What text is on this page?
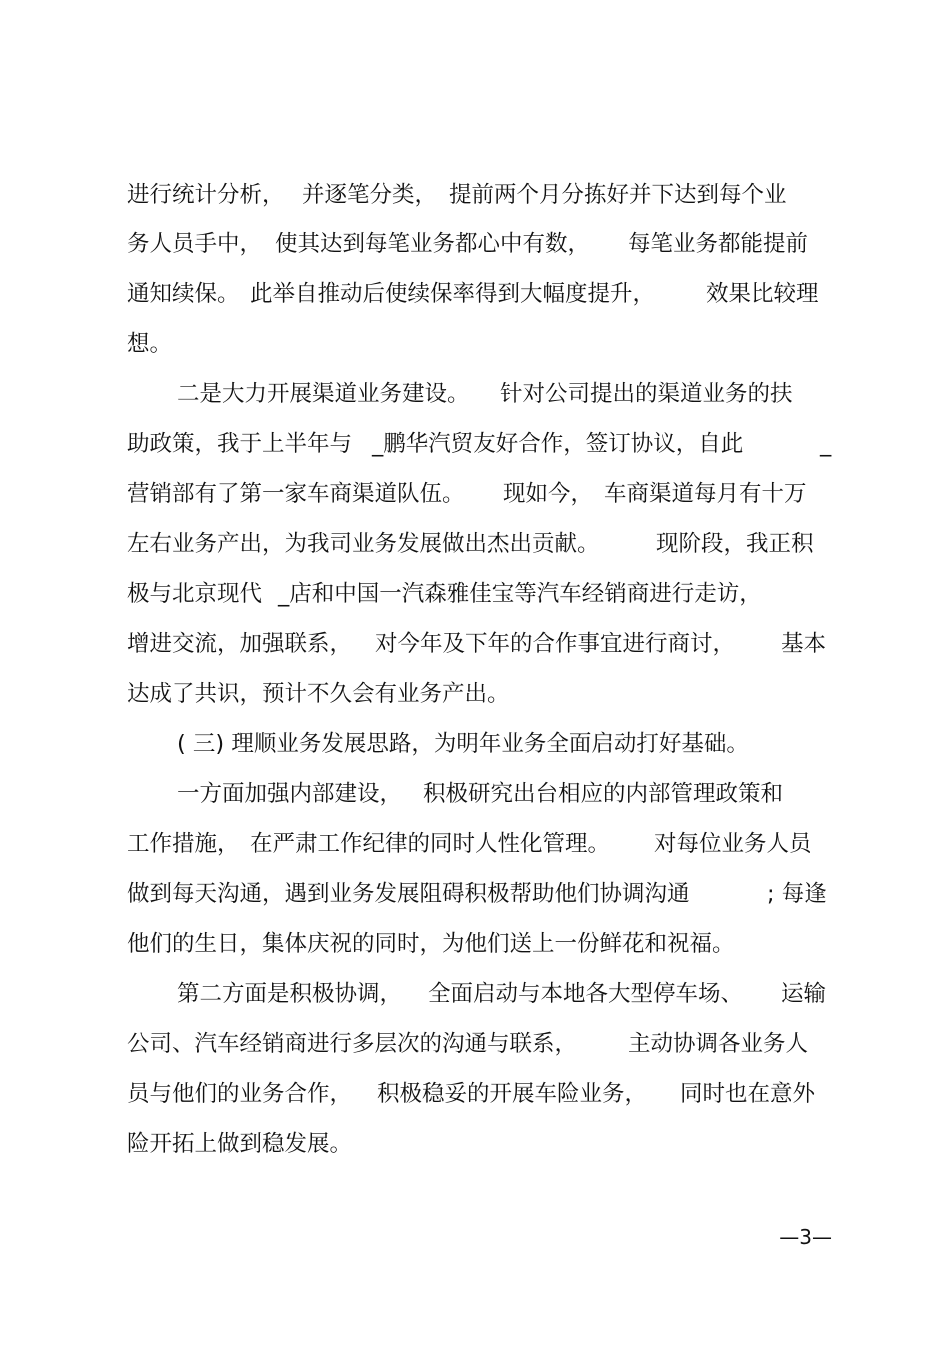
进行统计分析，

并逐笔分类，

提前两个月分拣好并下达到每个业

务人员手中，

使其达到每笔业务都心中有数，

每笔业务都能提前

通知续保。

此举自推动后使续保率得到大幅度提升，

效果比较理

想。

二是大力开展渠道业务建设。

针对公司提出的渠道业务的扶

助政策，我于上半年与

_鹏华汽贸友好合作，签订协议，自此

	_

营销部有了第一家车商渠道队伍。

现如今，

车商渠道每月有十万

左右业务产出，为我司业务发展做出杰出贡献。

	现阶段，我正积

极与北京现代

_店和中国一汽森雅佳宝等汽车经销商进行走访，

增进交流，加强联系，

对今年及下年的合作事宜进行商讨，

基本

达成了共识，预计不久会有业务产出。

( 三) 理顺业务发展思路，为明年业务全面启动打好基础。

一方面加强内部建设，

积极研究出台相应的内部管理政策和

工作措施，

在严肃工作纪律的同时人性化管理。

对每位业务人员

做到每天沟通，遇到业务发展阻碍积极帮助他们协调沟通

	; 每逢

他们的生日，集体庆祝的同时，为他们送上一份鲜花和祝福。

第二方面是积极协调，

全面启动与本地各大型停车场、

运输

公司、汽车经销商进行多层次的沟通与联系，

主动协调各业务人

员与他们的业务合作，

积极稳妥的开展车险业务，

同时也在意外

险开拓上做到稳发展。

—3—
